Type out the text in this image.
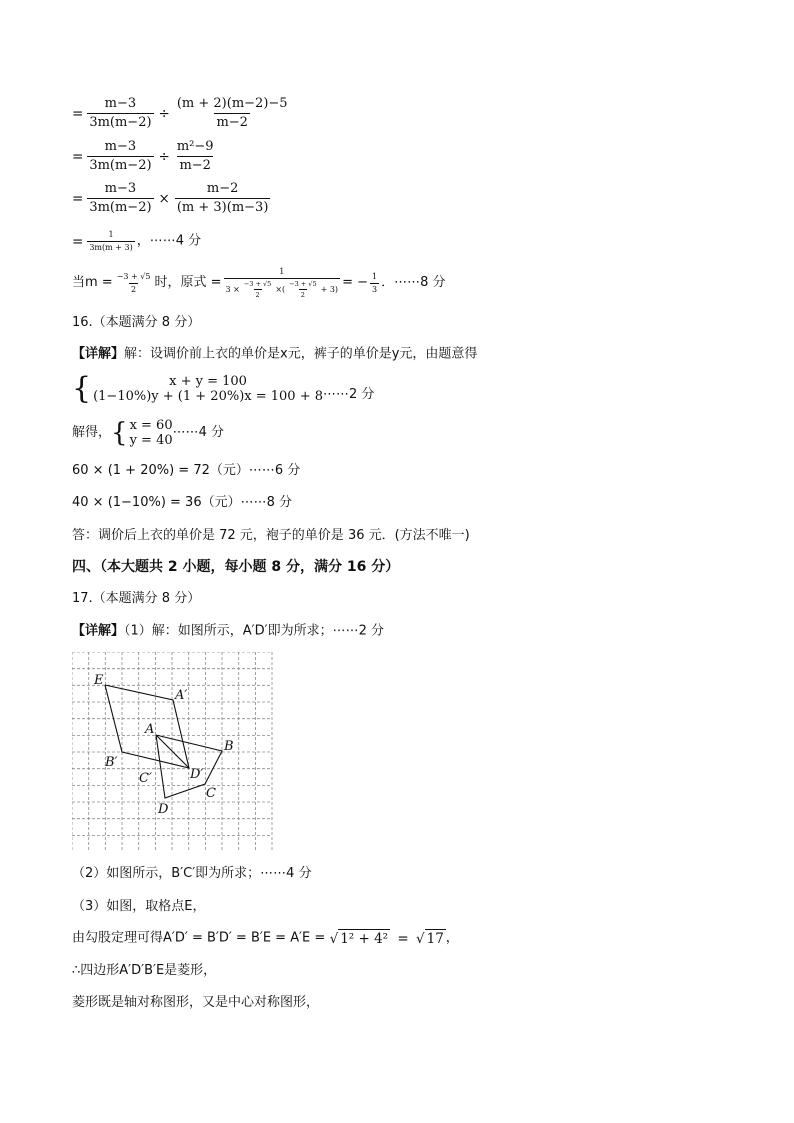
= $\frac{m-3}{3m(m-2)} \div \frac{(m + 2)(m-2)-5}{m-2}$
= $\frac{m-3}{3m(m-2)} \div \frac{\text{m²−9}}{m-2}$
= $\frac{m-3}{3m(m-2)} \times \frac{m-2}{(m + 3)(m-3)}$
= $\frac{1}{3m(m + 3)}$ ，⋯⋯4 分
当$m = \frac{-3 + √5}{2}$ 时，原式 = $\frac{1}{3 \times \frac{-3 + √5}{2} \times ( \frac{-3 + √5}{2} + 3)}$ = − $\frac{1}{3}$ ．⋯⋯8 分
16.（本题满分 8 分）
【详解】解：设调价前上衣的单价是x元，裤子的单价是y元，由题意得
{	x + y = 100
(1−10%)y + (1 + 20%)x = 100 + 8 ⋯⋯2 分
解得， { x = 60
y = 40
⋯⋯4 分
60 × (1 + 20%) = 72（元）⋯⋯6 分
40 × (1−10%) = 36（元）⋯⋯8 分
答：调价后上衣的单价是 72 元，袍子的单价是 36 元．(方法不唯一)
四、（本大题共 2 小题，每小题 8 分，满分 16 分）
17.（本题满分 8 分）
【详解】（1）解：如图所示，A′D′即为所求；⋯⋯2 分
E
A′
A
B
B′
C′	D′
C
D
（2）如图所示，B′C′即为所求；⋯⋯4 分
（3）如图，取格点E，
由勾股定理可得A′D′ = B′D′ = B′E = A′E = √ 1² + 4² = √ 17 ，
∴四边形A′D′B′E是菱形，
菱形既是轴对称图形，又是中心对称图形，
